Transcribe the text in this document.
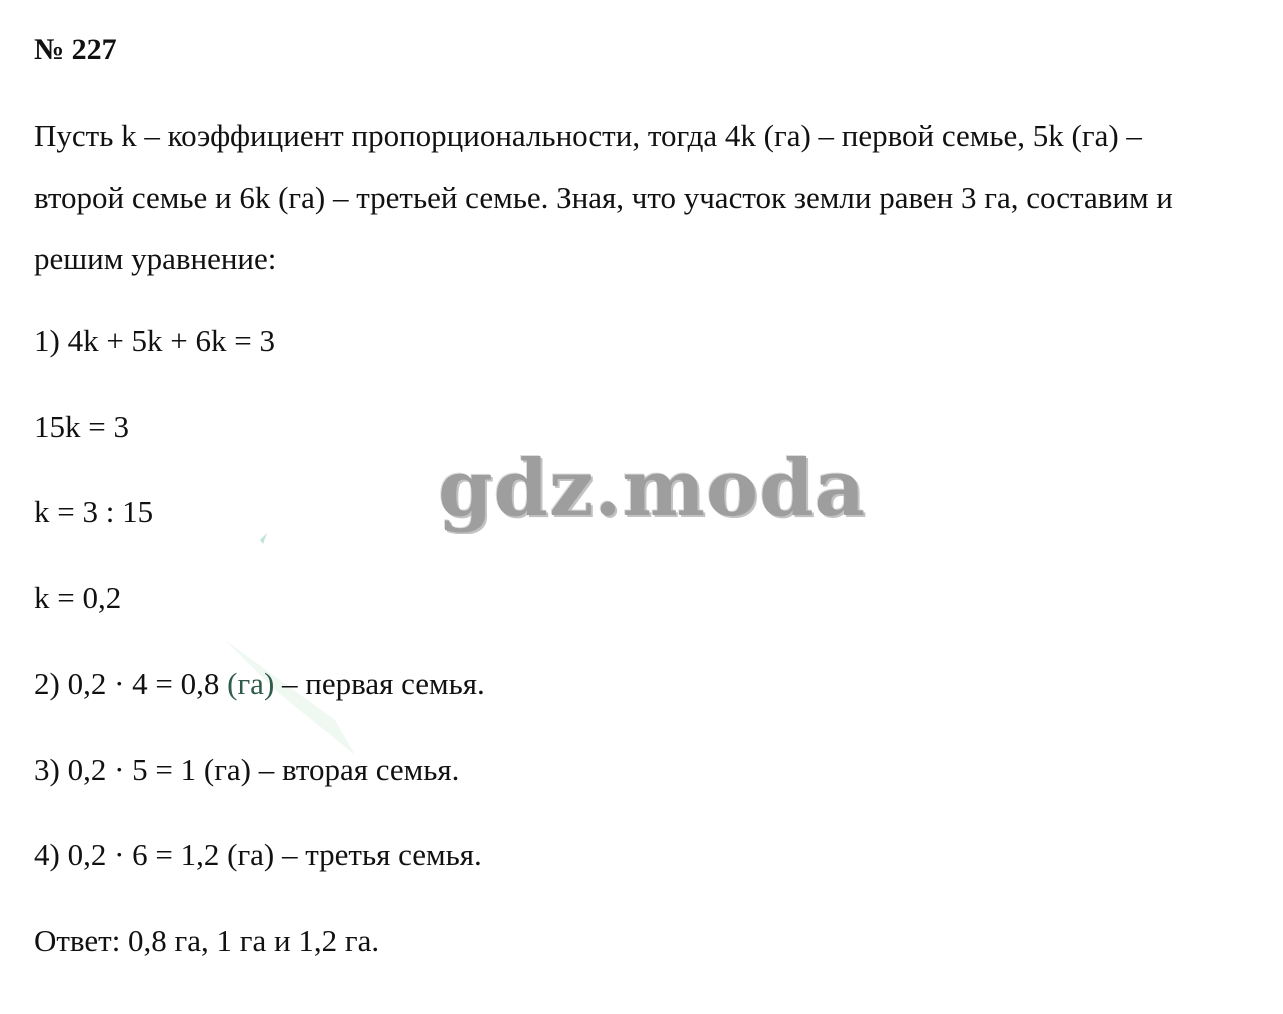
№ 227
Пусть k – коэффициент пропорциональности, тогда 4k (га) – первой семье, 5k (га) – второй семье и 6k (га) – третьей семье. Зная, что участок земли равен 3 га, составим и решим уравнение:
1) 4k + 5k + 6k = 3
15k = 3
k = 3 : 15
k = 0,2
2) 0,2 · 4 = 0,8 (га) – первая семья.
3) 0,2 · 5 = 1 (га) – вторая семья.
4) 0,2 · 6 = 1,2 (га) – третья семья.
Ответ: 0,8 га, 1 га и 1,2 га.
gdz.moda
